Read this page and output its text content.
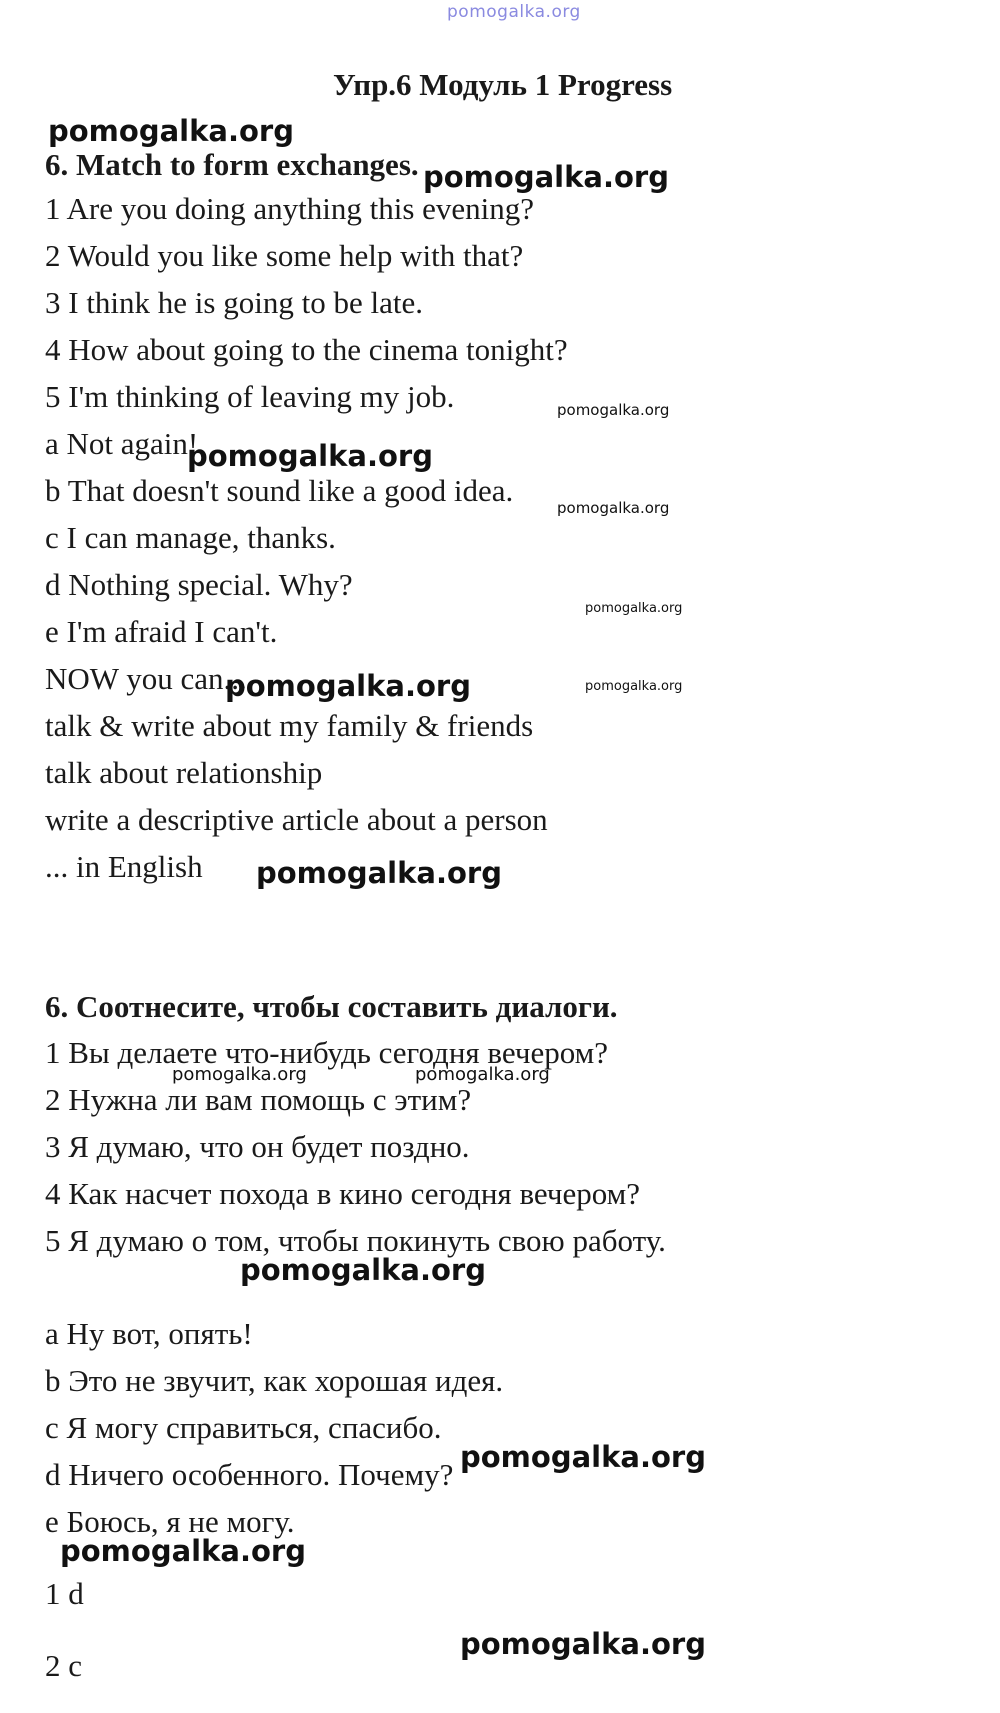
pomogalka.org
Упр.6 Модуль 1 Progress
6. Match to form exchanges.
1 Are you doing anything this evening?
2 Would you like some help with that?
3 I think he is going to be late.
4 How about going to the cinema tonight?
5 I'm thinking of leaving my job.
a Not again!
b That doesn't sound like a good idea.
c I can manage, thanks.
d Nothing special. Why?
e I'm afraid I can't.
NOW you can...
talk & write about my family & friends
talk about relationship
write a descriptive article about a person
... in English
6. Соотнесите, чтобы составить диалоги.
1 Вы делаете что-нибудь сегодня вечером?
2 Нужна ли вам помощь с этим?
3 Я думаю, что он будет поздно.
4 Как насчет похода в кино сегодня вечером?
5 Я думаю о том, чтобы покинуть свою работу.
a Ну вот, опять!
b Это не звучит, как хорошая идея.
c Я могу справиться, спасибо.
d Ничего особенного. Почему?
e Боюсь, я не могу.
1 d
2 c
pomogalka.org
pomogalka.org
pomogalka.org
pomogalka.org
pomogalka.org
pomogalka.org
pomogalka.org	pomogalka.org
pomogalka.org
pomogalka.org	pomogalka.org
pomogalka.org
pomogalka.org
pomogalka.org
pomogalka.org
